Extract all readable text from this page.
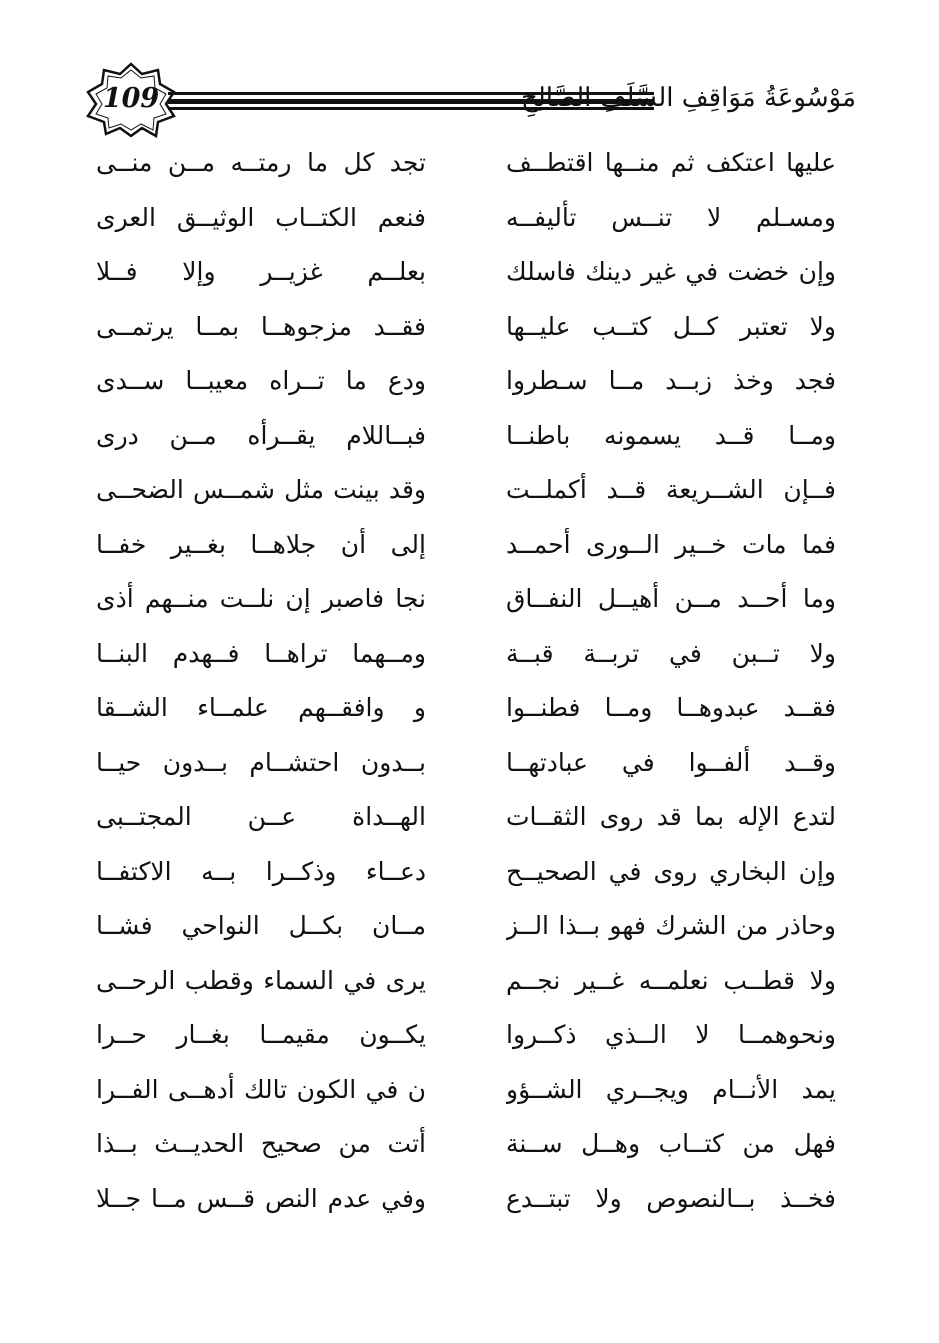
109	مَوْسُوعَةُ مَوَاقِفِ السَّلَفِ الصَّالِحِ
عليها اعتكف ثم منــها اقتطــف
تجد كل ما رمتــه مــن منــى
ومسـلم لا تنــس تأليفــه
فنعم الكتــاب الوثيــق العرى
وإن خضت في غير دينك فاسلك
بعلــم غزيــر وإلا فــلا
ولا تعتبر كــل كتــب عليــها
فقــد مزجوهــا بمــا يرتمــى
فجد وخذ زبــد مــا سـطروا
ودع ما تــراه معيبــا ســدى
ومــا قــد يسمونه باطنــا
فبــاللام يقــرأه مــن درى
فــإن الشــريعة قــد أكملــت
وقد بينت مثل شمــس الضحــى
فما مات خــير الــورى أحمــد
إلى أن جلاهــا بغــير خفــا
وما أحــد مــن أهيــل النفــاق
نجا فاصبر إن نلــت منــهم أذى
ولا تــبن في تربــة قبــة
ومــهما تراهــا فــهدم البنــا
فقــد عبدوهــا ومــا فطنــوا
و وافقــهم علمــاء الشــقا
وقــد ألفــوا في عبادتهــا
بــدون احتشــام بــدون حيــا
لتدع الإله بما قد روى الثقــات
الهــداة عــن المجتــبى
وإن البخاري روى في الصحيــح
دعــاء وذكــرا بــه الاكتفــا
وحاذر من الشرك فهو بــذا الــز
مــان بكــل النواحي فشــا
ولا قطــب نعلمــه غــير نجــم
يرى في السماء وقطب الرحــى
ونحوهمــا لا الــذي ذكــروا
يكــون مقيمــا بغــار حــرا
يمد الأنــام ويجــري الشــؤو
ن في الكون تالك أدهــى الفــرا
فهل من كتــاب وهــل ســنة
أتت من صحيح الحديــث بــذا
فخــذ بــالنصوص ولا تبتــدع
وفي عدم النص قــس مــا جــلا
